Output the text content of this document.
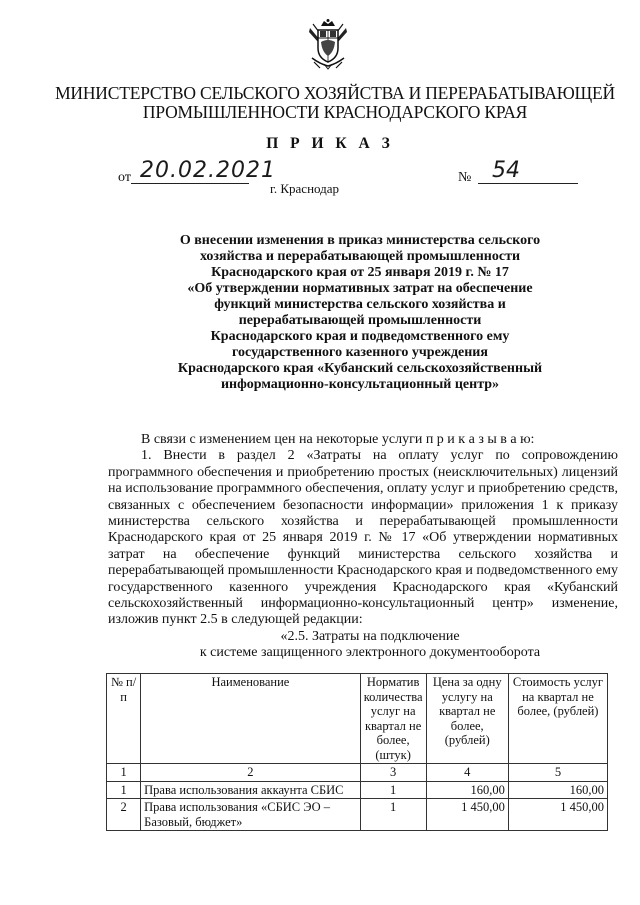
МИНИСТЕРСТВО СЕЛЬСКОГО ХОЗЯЙСТВА И ПЕРЕРАБАТЫВАЮЩЕЙ
ПРОМЫШЛЕННОСТИ КРАСНОДАРСКОГО КРАЯ
П Р И К А З
от 20.02.2021	№ 54
г. Краснодар
О внесении изменения в приказ министерства сельского
хозяйства и перерабатывающей промышленности
Краснодарского края от 25 января 2019 г. № 17
«Об утверждении нормативных затрат на обеспечение
функций министерства сельского хозяйства и
перерабатывающей промышленности
Краснодарского края и подведомственного ему
государственного казенного учреждения
Краснодарского края «Кубанский сельскохозяйственный
информационно-консультационный центр»

В связи с изменением цен на некоторые услуги п р и к а з ы в а ю:

1. Внести в раздел 2 «Затраты на оплату услуг по сопровождению программного обеспечения и приобретению простых (неисключительных) лицензий на использование программного обеспечения, оплату услуг и приобретению средств, связанных с обеспечением безопасности информации» приложения 1 к приказу министерства сельского хозяйства и перерабатывающей промышленности Краснодарского края от 25 января 2019 г. № 17 «Об утверждении нормативных затрат на обеспечение функций министерства сельского хозяйства и перерабатывающей промышленности Краснодарского края и подведомственного ему государственного казенного учреждения Краснодарского края «Кубанский сельскохозяйственный информационно-консультационный центр» изменение, изложив пункт 2.5 в следующей редакции:

«2.5. Затраты на подключение
к системе защищенного электронного документооборота
№ п/п	Наименование	Норматив количества услуг на квартал не более, (штук)	Цена за одну услугу на квартал не более, (рублей)	Стоимость услуг на квартал не более, (рублей)
1	2	3	4	5
1	Права использования аккаунта СБИС	1	160,00	160,00
2	Права использования «СБИС ЭО – Базовый, бюджет»	1	1 450,00	1 450,00
